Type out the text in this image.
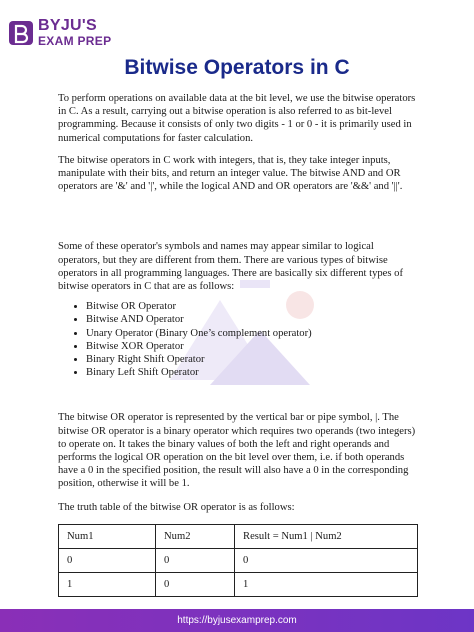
BYJU'S
EXAM PREP
Bitwise Operators in C

To perform operations on available data at the bit level, we use the bitwise operators in C. As a result, carrying out a bitwise operation is also referred to as bit-level programming. Because it consists of only two digits - 1 or 0 - it is primarily used in numerical computations for faster calculation.

The bitwise operators in C work with integers, that is, they take integer inputs, manipulate with their bits, and return an integer value. The bitwise AND and OR operators are '&' and '|', while the logical AND and OR operators are '&&' and '||'.

Some of these operator's symbols and names may appear similar to logical operators, but they are different from them. There are various types of bitwise operators in all programming languages. There are basically six different types of bitwise operators in C that are as follows:

• Bitwise OR Operator
• Bitwise AND Operator
• Unary Operator (Binary One’s complement operator)
• Bitwise XOR Operator
• Binary Right Shift Operator
• Binary Left Shift Operator

The bitwise OR operator is represented by the vertical bar or pipe symbol, |. The bitwise OR operator is a binary operator which requires two operands (two integers) to operate on. It takes the binary values of both the left and right operands and performs the logical OR operation on the bit level over them, i.e. if both operands have a 0 in the specified position, the result will also have a 0 in the corresponding position, otherwise it will be 1.

The truth table of the bitwise OR operator is as follows:

Num1	Num2	Result = Num1 | Num2
0	0	0
1	0	1
https://byjusexamprep.com
